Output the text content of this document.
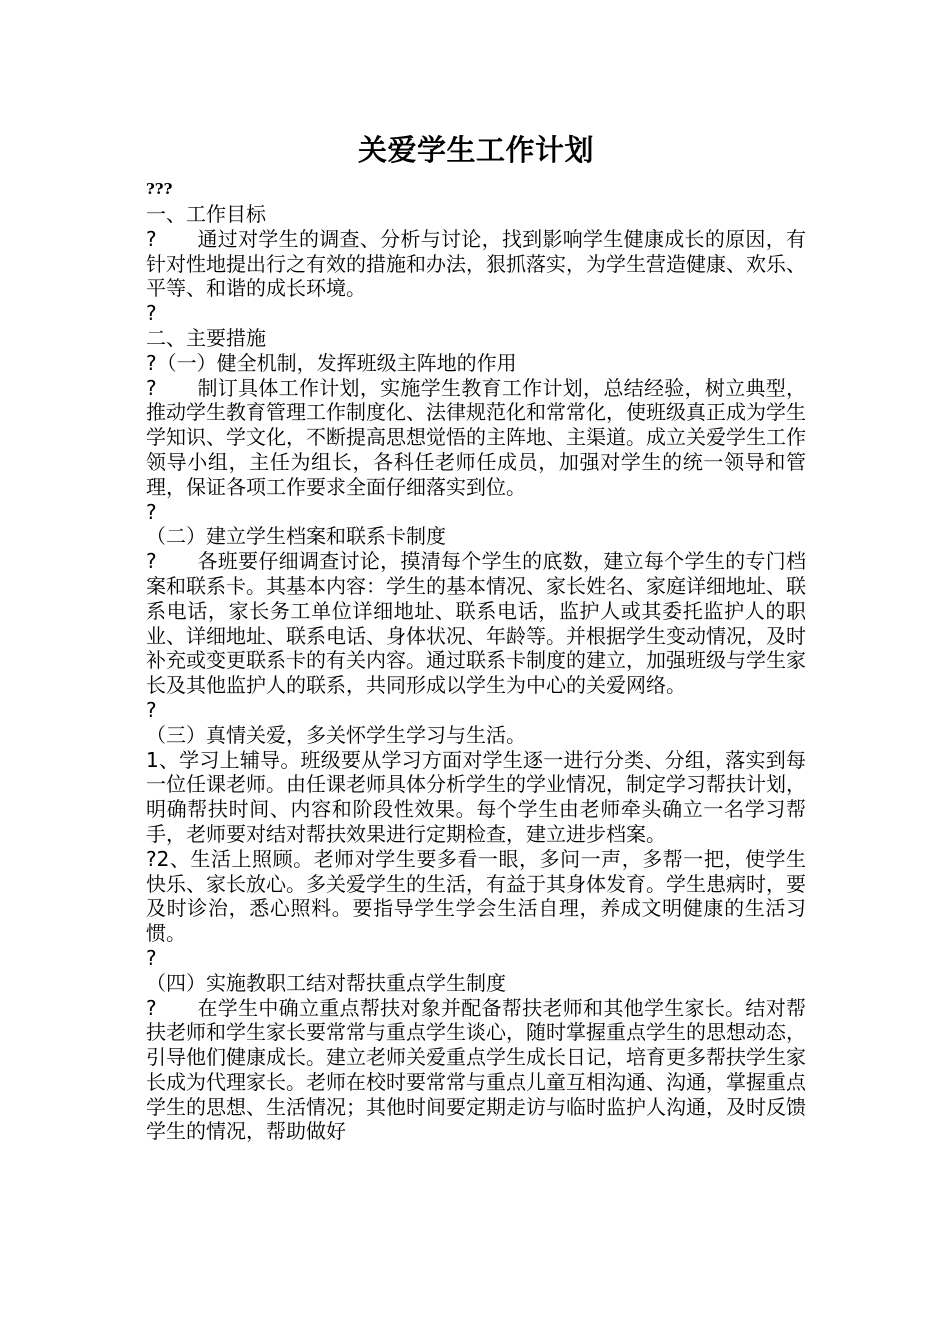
关爱学生工作计划

???

一、工作目标

?　　通过对学生的调查、分析与讨论，找到影响学生健康成长的原因，有针对性地提出行之有效的措施和办法，狠抓落实，为学生营造健康、欢乐、平等、和谐的成长环境。

?

二、主要措施

?（一）健全机制，发挥班级主阵地的作用

?　　制订具体工作计划，实施学生教育工作计划，总结经验，树立典型，推动学生教育管理工作制度化、法律规范化和常常化，使班级真正成为学生学知识、学文化，不断提高思想觉悟的主阵地、主渠道。成立关爱学生工作领导小组，主任为组长，各科任老师任成员，加强对学生的统一领导和管理，保证各项工作要求全面仔细落实到位。

?

（二）建立学生档案和联系卡制度

?　　各班要仔细调查讨论，摸清每个学生的底数，建立每个学生的专门档案和联系卡。其基本内容：学生的基本情况、家长姓名、家庭详细地址、联系电话，家长务工单位详细地址、联系电话，监护人或其委托监护人的职业、详细地址、联系电话、身体状况、年龄等。并根据学生变动情况，及时补充或变更联系卡的有关内容。通过联系卡制度的建立，加强班级与学生家长及其他监护人的联系，共同形成以学生为中心的关爱网络。

?

（三）真情关爱，多关怀学生学习与生活。

1、学习上辅导。班级要从学习方面对学生逐一进行分类、分组，落实到每一位任课老师。由任课老师具体分析学生的学业情况，制定学习帮扶计划，明确帮扶时间、内容和阶段性效果。每个学生由老师牵头确立一名学习帮手，老师要对结对帮扶效果进行定期检查，建立进步档案。

?2、生活上照顾。老师对学生要多看一眼，多问一声，多帮一把，使学生快乐、家长放心。多关爱学生的生活，有益于其身体发育。学生患病时，要及时诊治，悉心照料。要指导学生学会生活自理，养成文明健康的生活习惯。

?

（四）实施教职工结对帮扶重点学生制度

?　　在学生中确立重点帮扶对象并配备帮扶老师和其他学生家长。结对帮扶老师和学生家长要常常与重点学生谈心，随时掌握重点学生的思想动态，引导他们健康成长。建立老师关爱重点学生成长日记，培育更多帮扶学生家长成为代理家长。老师在校时要常常与重点儿童互相沟通、沟通，掌握重点学生的思想、生活情况；其他时间要定期走访与临时监护人沟通，及时反馈学生的情况，帮助做好
